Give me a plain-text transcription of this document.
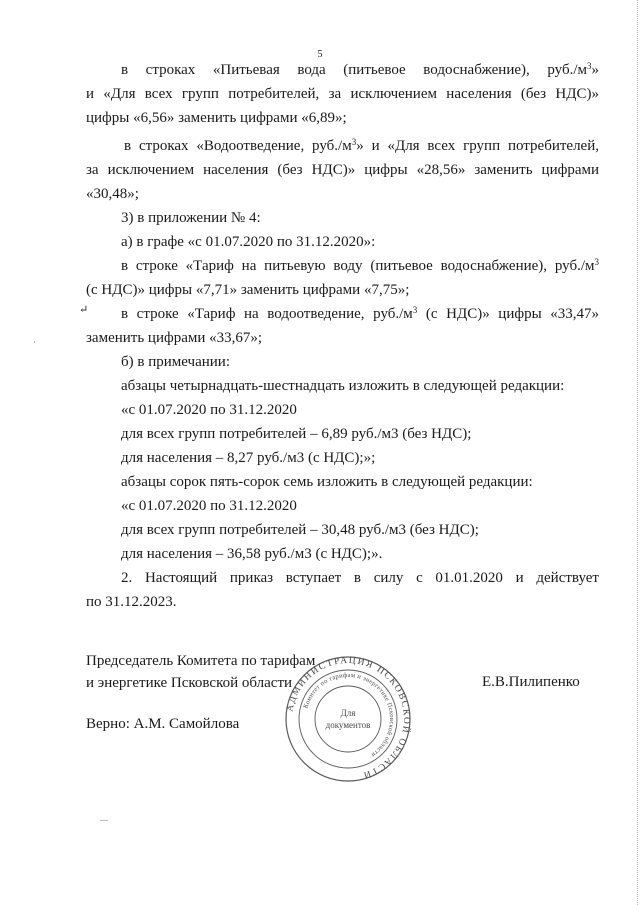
5
↵
·

в строках «Питьевая вода (питьевое водоснабжение), $руб./м^3$»

и «Для всех групп потребителей, за исключением населения (без НДС)»

цифры «6,56» заменить цифрами «6,89»;

в строках «Водоотведение, $руб./м^3$» и «Для всех групп потребителей,

за исключением населения (без НДС)» цифры «28,56» заменить цифрами

«30,48»;

3) в приложении № 4:

а) в графе «с 01.07.2020 по 31.12.2020»:

в строке «Тариф на питьевую воду (питьевое водоснабжение), $руб./м^3$

(с НДС)» цифры «7,71» заменить цифрами «7,75»;

в строке «Тариф на водоотведение, $руб./м^3$ (с НДС)» цифры «33,47»

заменить цифрами «33,67»;

б) в примечании:

абзацы четырнадцать-шестнадцать изложить в следующей редакции:

«с 01.07.2020 по 31.12.2020

для всех групп потребителей – 6,89 руб./м3 (без НДС);

для населения – 8,27 руб./м3 (с НДС);»;

абзацы сорок пять-сорок семь изложить в следующей редакции:

«с 01.07.2020 по 31.12.2020

для всех групп потребителей – 30,48 руб./м3 (без НДС);

для населения – 36,58 руб./м3 (с НДС);».

2. Настоящий приказ вступает в силу с 01.01.2020 и действует

по 31.12.2023.

Председатель Комитета по тарифам
и энергетике Псковской области	Е.В.Пилипенко
Верно: А.М. Самойлова
АДМИНИСТРАЦИЯ ПСКОВСКОЙ ОБЛАСТИ
Комитет по тарифам и энергетике Псковской области
Для
документов
